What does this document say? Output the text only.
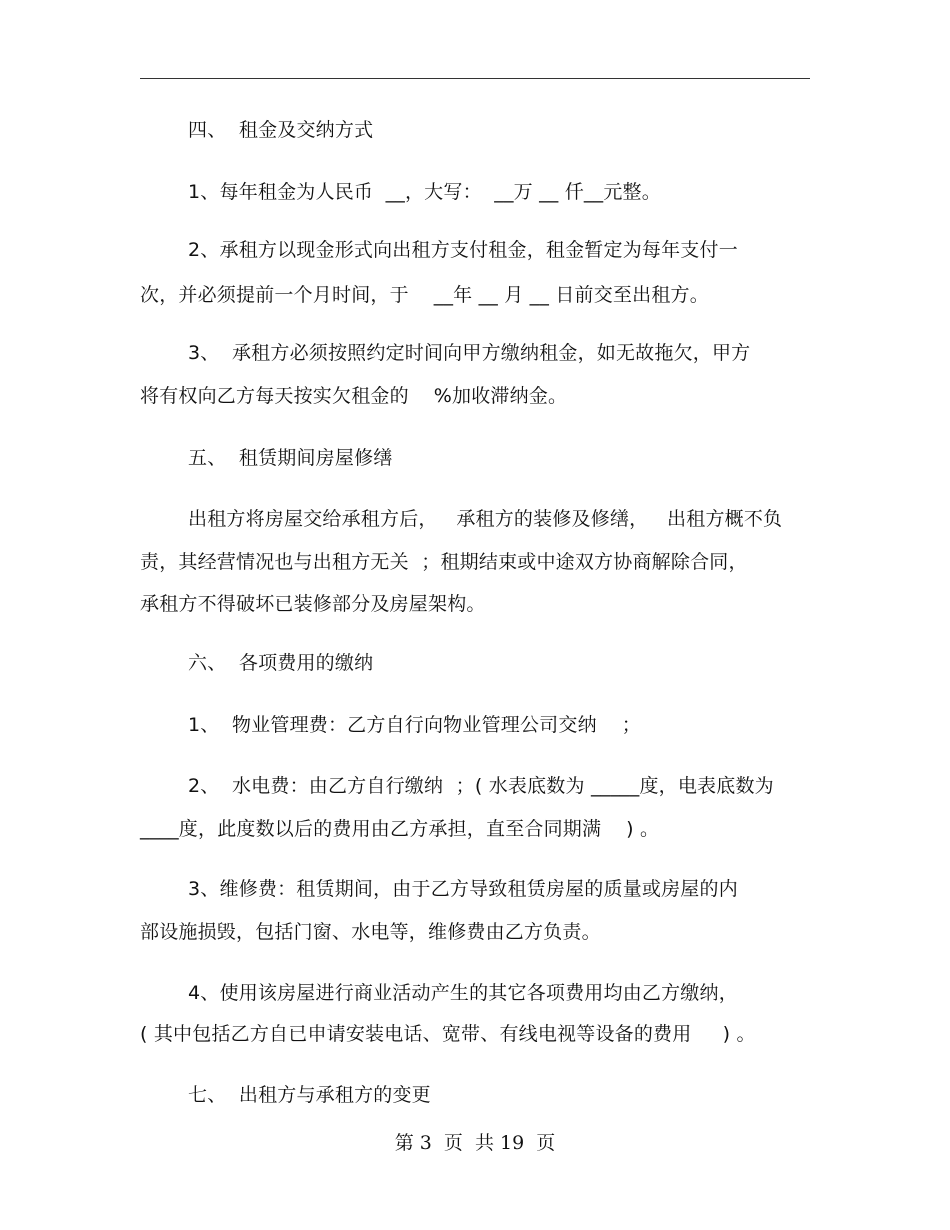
四、  租金及交纳方式
1、每年租金为人民币  __，大写：  __万 __ 仟__元整。
2、承租方以现金形式向出租方支付租金，租金暂定为每年支付一
次，并必须提前一个月时间，于    __年 __ 月 __ 日前交至出租方。
3、  承租方必须按照约定时间向甲方缴纳租金，如无故拖欠，甲方
将有权向乙方每天按实欠租金的    %加收滞纳金。
五、  租赁期间房屋修缮
出租方将房屋交给承租方后，   承租方的装修及修缮，   出租方概不负
责，其经营情况也与出租方无关  ；租期结束或中途双方协商解除合同，
承租方不得破坏已装修部分及房屋架构。
六、  各项费用的缴纳
1、  物业管理费：乙方自行向物业管理公司交纳    ；
2、  水电费：由乙方自行缴纳  ；( 水表底数为 _____度，电表底数为
____度，此度数以后的费用由乙方承担，直至合同期满    ) 。
3、维修费：租赁期间，由于乙方导致租赁房屋的质量或房屋的内
部设施损毁，包括门窗、水电等，维修费由乙方负责。
4、使用该房屋进行商业活动产生的其它各项费用均由乙方缴纳，
( 其中包括乙方自已申请安装电话、宽带、有线电视等设备的费用     ) 。
七、  出租方与承租方的变更
第 3  页  共 19  页
